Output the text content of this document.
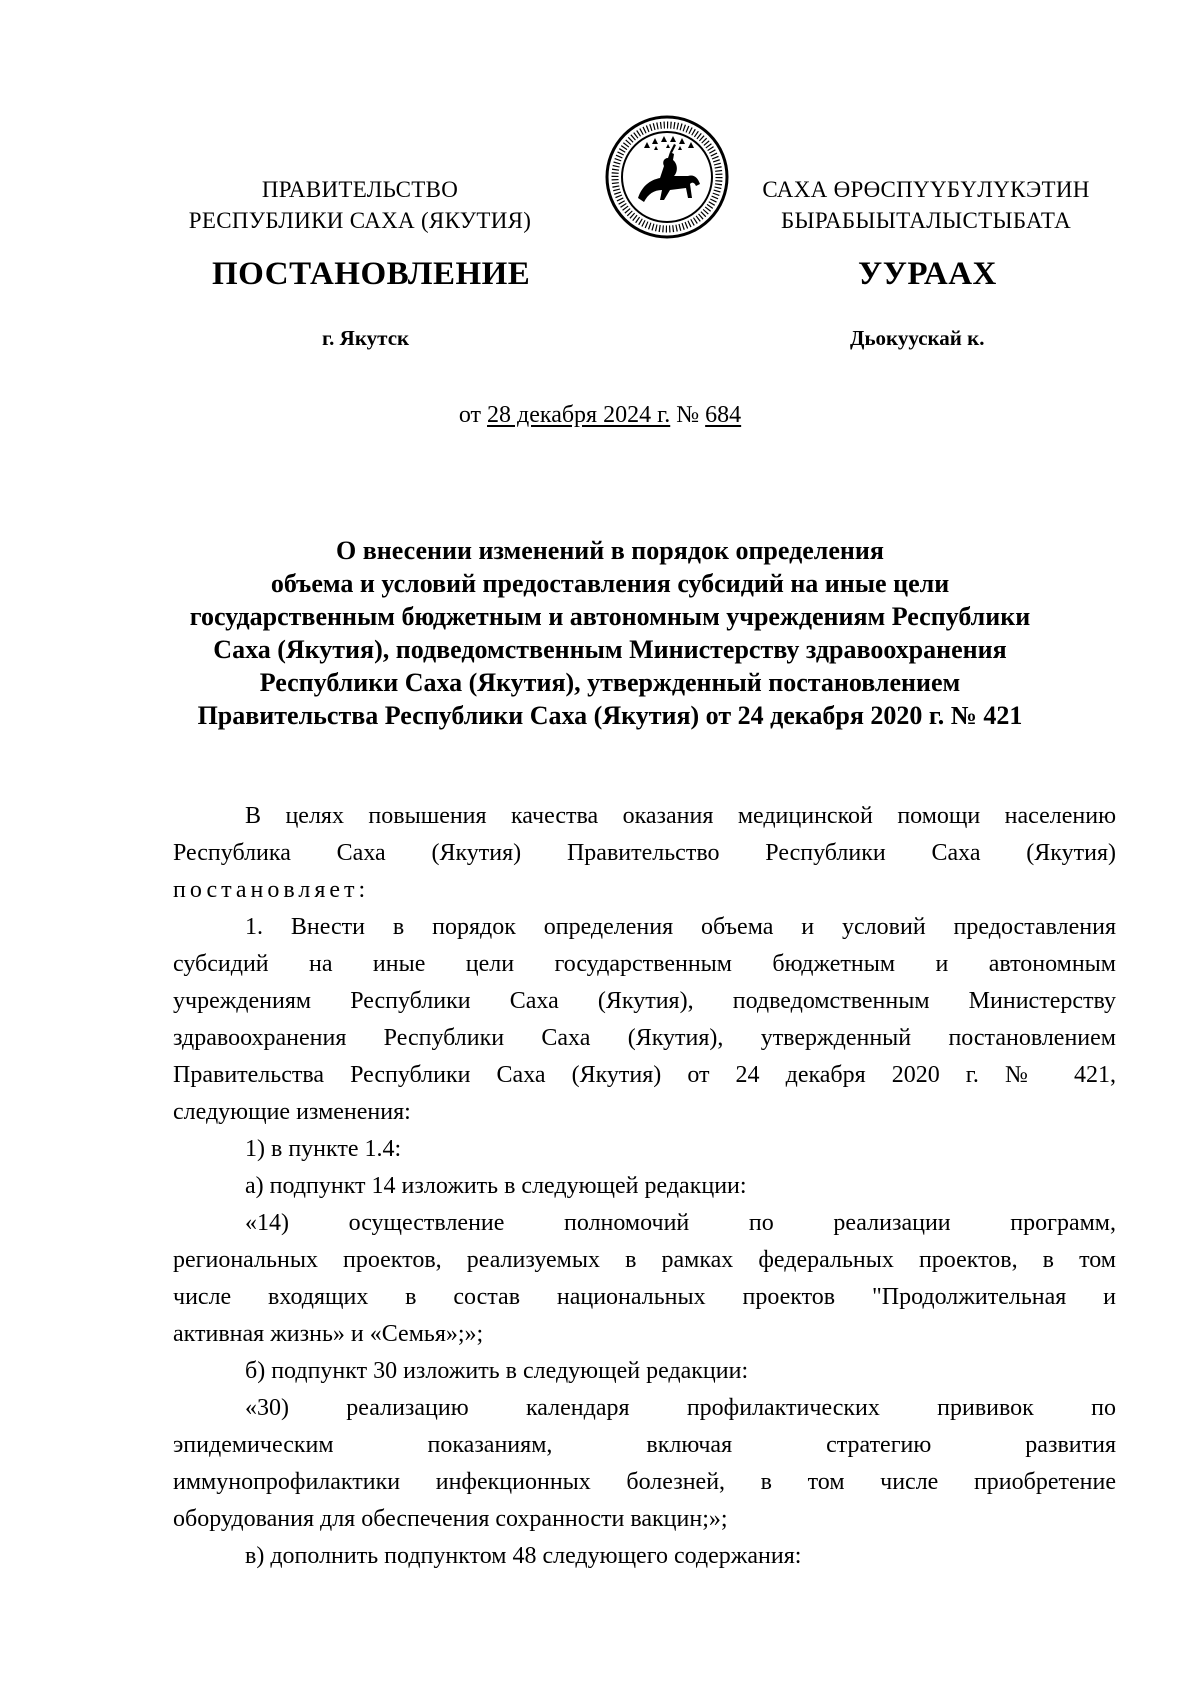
ПРАВИТЕЛЬСТВО
РЕСПУБЛИКИ САХА (ЯКУТИЯ)
САХА ӨРӨСПҮҮБҮЛҮКЭТИН
БЫРАБЫЫТАЛЫСТЫБАТА
ПОСТАНОВЛЕНИЕ	УУРААХ
г. Якутск	Дьокуускай к.
от 28 декабря 2024 г. № 684
О внесении изменений в порядок определения
объема и условий предоставления субсидий на иные цели
государственным бюджетным и автономным учреждениям Республики
Саха (Якутия), подведомственным Министерству здравоохранения
Республики Саха (Якутия), утвержденный постановлением
Правительства Республики Саха (Якутия) от 24 декабря 2020 г. № 421
В целях повышения качества оказания медицинской помощи населению
Республика Саха (Якутия) Правительство Республики Саха (Якутия)
постановляет:
1. Внести в порядок определения объема и условий предоставления
субсидий на иные цели государственным бюджетным и автономным
учреждениям Республики Саха (Якутия), подведомственным Министерству
здравоохранения Республики Саха (Якутия), утвержденный постановлением
Правительства Республики Саха (Якутия) от 24 декабря 2020 г. № 421,
следующие изменения:
1) в пункте 1.4:
а) подпункт 14 изложить в следующей редакции:
«14) осуществление полномочий по реализации программ,
региональных проектов, реализуемых в рамках федеральных проектов, в том
числе входящих в состав национальных проектов "Продолжительная и
активная жизнь» и «Семья»;»;
б) подпункт 30 изложить в следующей редакции:
«30) реализацию календаря профилактических прививок по
эпидемическим показаниям, включая стратегию развития
иммунопрофилактики инфекционных болезней, в том числе приобретение
оборудования для обеспечения сохранности вакцин;»;
в) дополнить подпунктом 48 следующего содержания:
